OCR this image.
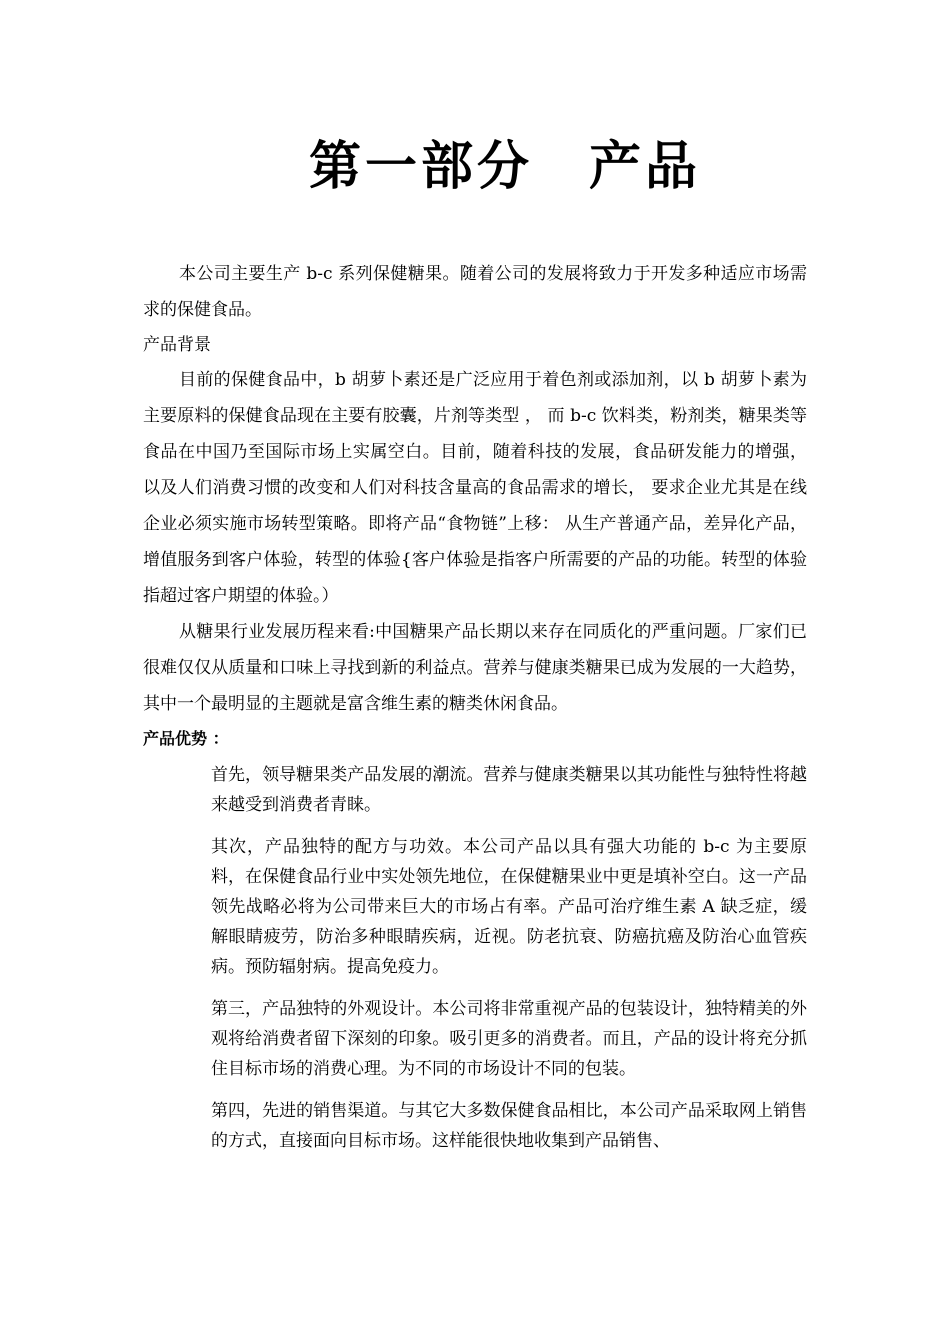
第一部分 产品

本公司主要生产 b-c 系列保健糖果。随着公司的发展将致力于开发多种适应市场需求的保健食品。

产品背景

目前的保健食品中，b 胡萝卜素还是广泛应用于着色剂或添加剂，以 b 胡萝卜素为主要原料的保健食品现在主要有胶囊，片剂等类型 ， 而 b-c 饮料类，粉剂类，糖果类等食品在中国乃至国际市场上实属空白。目前，随着科技的发展，食品研发能力的增强， 以及人们消费习惯的改变和人们对科技含量高的食品需求的增长， 要求企业尤其是在线企业必须实施市场转型策略。即将产品“食物链”上移： 从生产普通产品，差异化产品，增值服务到客户体验，转型的体验{客户体验是指客户所需要的产品的功能。转型的体验指超过客户期望的体验。）

从糖果行业发展历程来看:中国糖果产品长期以来存在同质化的严重问题。厂家们已很难仅仅从质量和口味上寻找到新的利益点。营养与健康类糖果已成为发展的一大趋势，其中一个最明显的主题就是富含维生素的糖类休闲食品。

产品优势 ：

首先，领导糖果类产品发展的潮流。营养与健康类糖果以其功能性与独特性将越来越受到消费者青睐。

其次，产品独特的配方与功效。本公司产品以具有强大功能的 b-c 为主要原料，在保健食品行业中实处领先地位，在保健糖果业中更是填补空白。这一产品领先战略必将为公司带来巨大的市场占有率。产品可治疗维生素 A 缺乏症，缓解眼睛疲劳，防治多种眼睛疾病，近视。防老抗衰、防癌抗癌及防治心血管疾病。预防辐射病。提高免疫力。

第三，产品独特的外观设计。本公司将非常重视产品的包装设计，独特精美的外观将给消费者留下深刻的印象。吸引更多的消费者。而且，产品的设计将充分抓住目标市场的消费心理。为不同的市场设计不同的包装。

第四，先进的销售渠道。与其它大多数保健食品相比，本公司产品采取网上销售的方式，直接面向目标市场。这样能很快地收集到产品销售、
